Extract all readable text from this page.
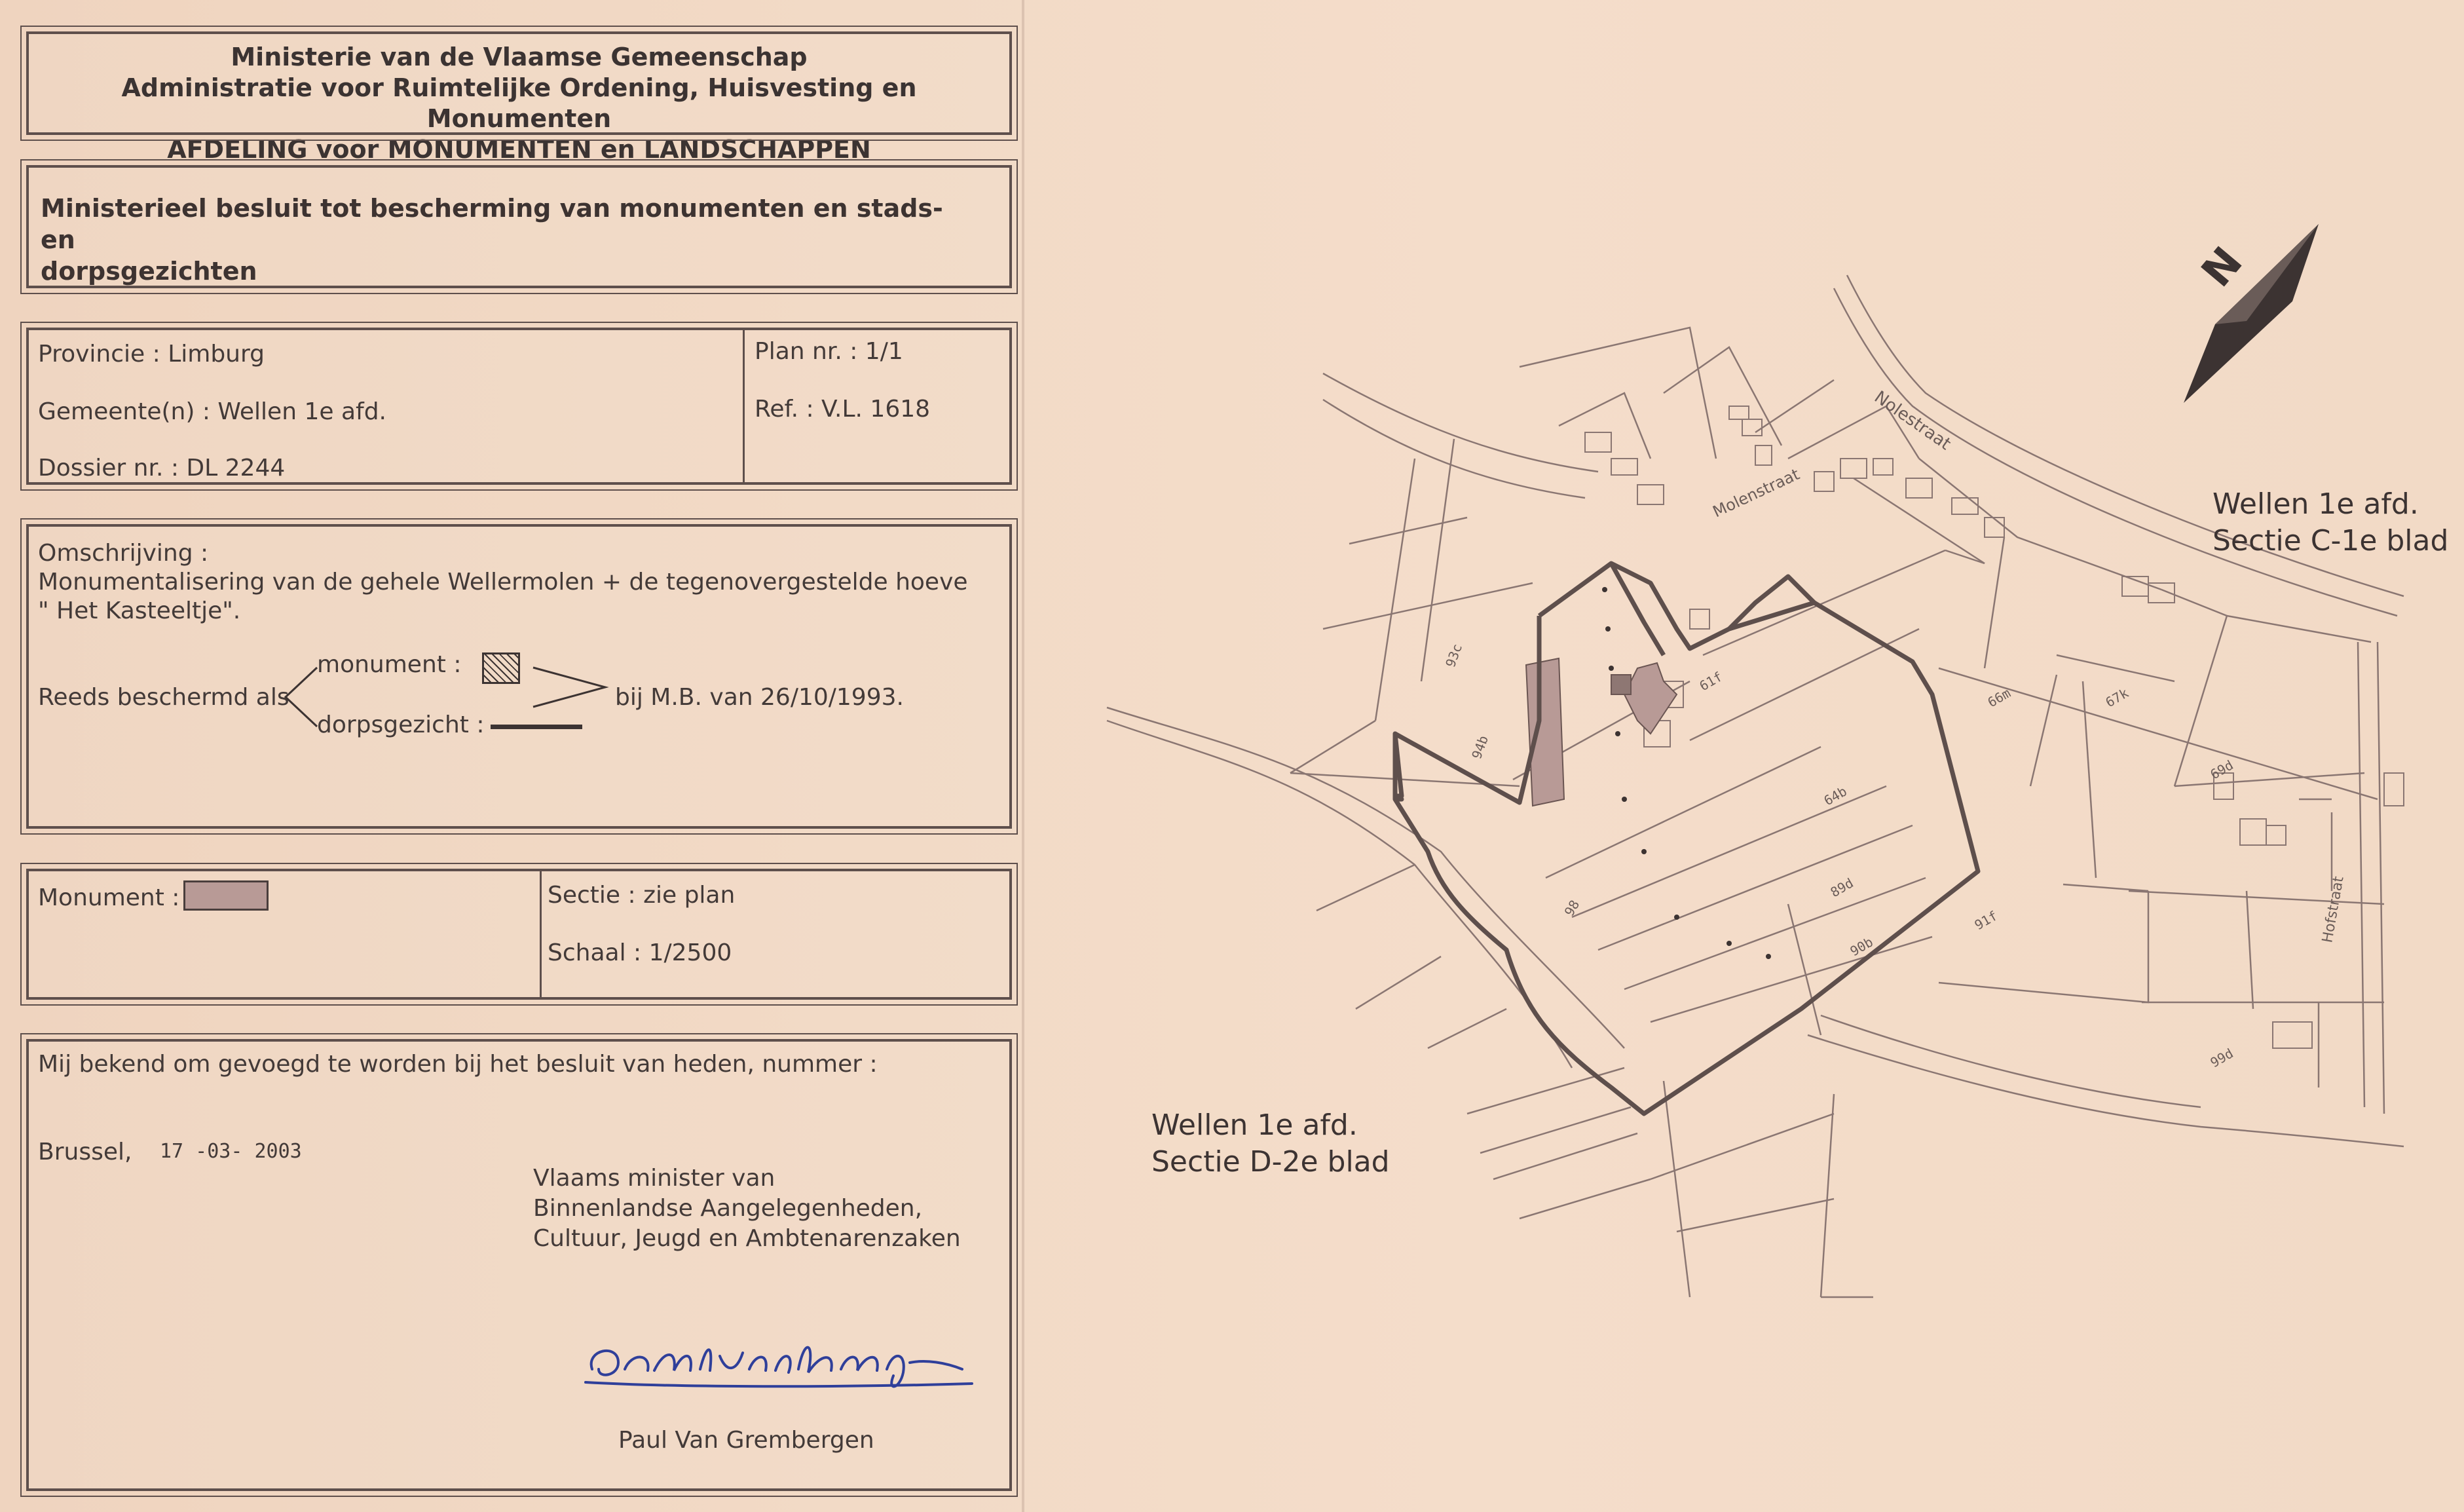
Ministerie van de Vlaamse Gemeenschap
Administratie voor Ruimtelijke Ordening, Huisvesting en Monumenten
AFDELING voor MONUMENTEN en LANDSCHAPPEN
Ministerieel besluit tot bescherming van monumenten en stads- en
dorpsgezichten
Provincie : Limburg
Gemeente(n) : Wellen 1e afd.
Dossier nr. : DL 2244
Plan nr. : 1/1
Ref. : V.L. 1618
Omschrijving :
Monumentalisering van de gehele Wellermolen + de tegenovergestelde hoeve
" Het Kasteeltje".
Reeds beschermd als
monument :
dorpsgezicht :
bij M.B. van 26/10/1993.
Monument :	Sectie : zie plan
Schaal : 1/2500
Mij bekend om gevoegd te worden bij het besluit van heden, nummer :
Brussel, 17 -03- 2003
Vlaams minister van
Binnenlandse Aangelegenheden,
Cultuur, Jeugd en Ambtenarenzaken
Paul Van Grembergen
N
Nolestraat
Molenstraat
Hofstraat
61f
89d
90b
91f
93c
94b
64b
66m	67k
69d
98
99d
Wellen 1e afd.
Sectie C-1e blad
Wellen 1e afd.
Sectie D-2e blad
